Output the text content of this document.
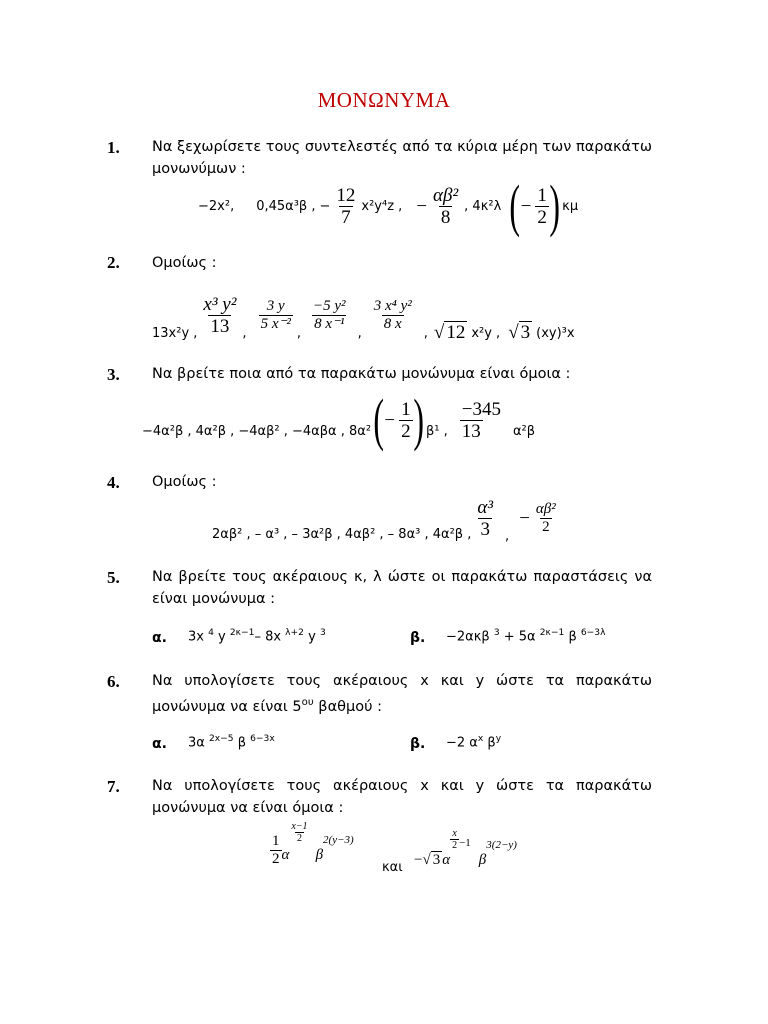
ΜΟΝΩΝΥΜΑ
1. Να ξεχωρίσετε τους συντελεστές από τα κύρια μέρη των παρακάτω μονωνύμων :
−2x², 0,45α³β , − $\frac{12}{7} x^2y^4z$ , − $\frac{\text{αβ²}}{8}$ , 4κ²λ ( − $\frac{1}{2}$ ) κμ
2. Ομοίως :
13x²y , $\frac{\text{x³ y²}}{13}$ ,
$\frac{3 y}{\text{5 x⁻²}}$
,
$\frac{\text{−5 y²}}{\text{8 x⁻¹}}$
,
$\frac{\text{3 x⁴ y²}}{8 x}$
, √ 12 x²y , √ 3 (xy)³x
3. Να βρείτε ποια από τα παρακάτω μονώνυμα είναι όμοια :
−4α²β , 4α²β , −4αβ² , −4αβα , 8α² ( − $\frac{1}{2}$ ) β¹ , $\frac{-345}{13} \alpha^2\beta$
4. Ομοίως :
2αβ² , – α³ , – 3α²β , 4αβ² , – 8α³ , 4α²β , $\frac{\text{α³}}{3}$ ,
− $\frac{\text{αβ²}}{2}$
5. Να βρείτε τους ακέραιους κ, λ ώστε οι παρακάτω παραστάσεις να είναι μονώνυμα :
α. 3x $^4$ y $^{2\kappa-1}$– 8x $^{\lambda+2}$ y $^3$	β. −2ακβ $^3$ + 5α $^{2\kappa-1}$ β $^{6-3\lambda}$
6. Να υπολογίσετε τους ακέραιους x και y ώστε τα παρακάτω μονώνυμα να είναι $5^{o\upsilon}$ βαθμού :
α. 3α $^{2x-5}$ β $^{6-3x}$	β. −2 $\alpha^x$ $\beta^y$
7. Να υπολογίσετε τους ακέραιους x και y ώστε τα παρακάτω μονώνυμα να είναι όμοια :
$\frac{1}{2}$ α
$\frac{x-1}{2}$
β
2(y−3)
και − √ 3 α
$\frac{x}{2} -1$
β
3(2−y)
